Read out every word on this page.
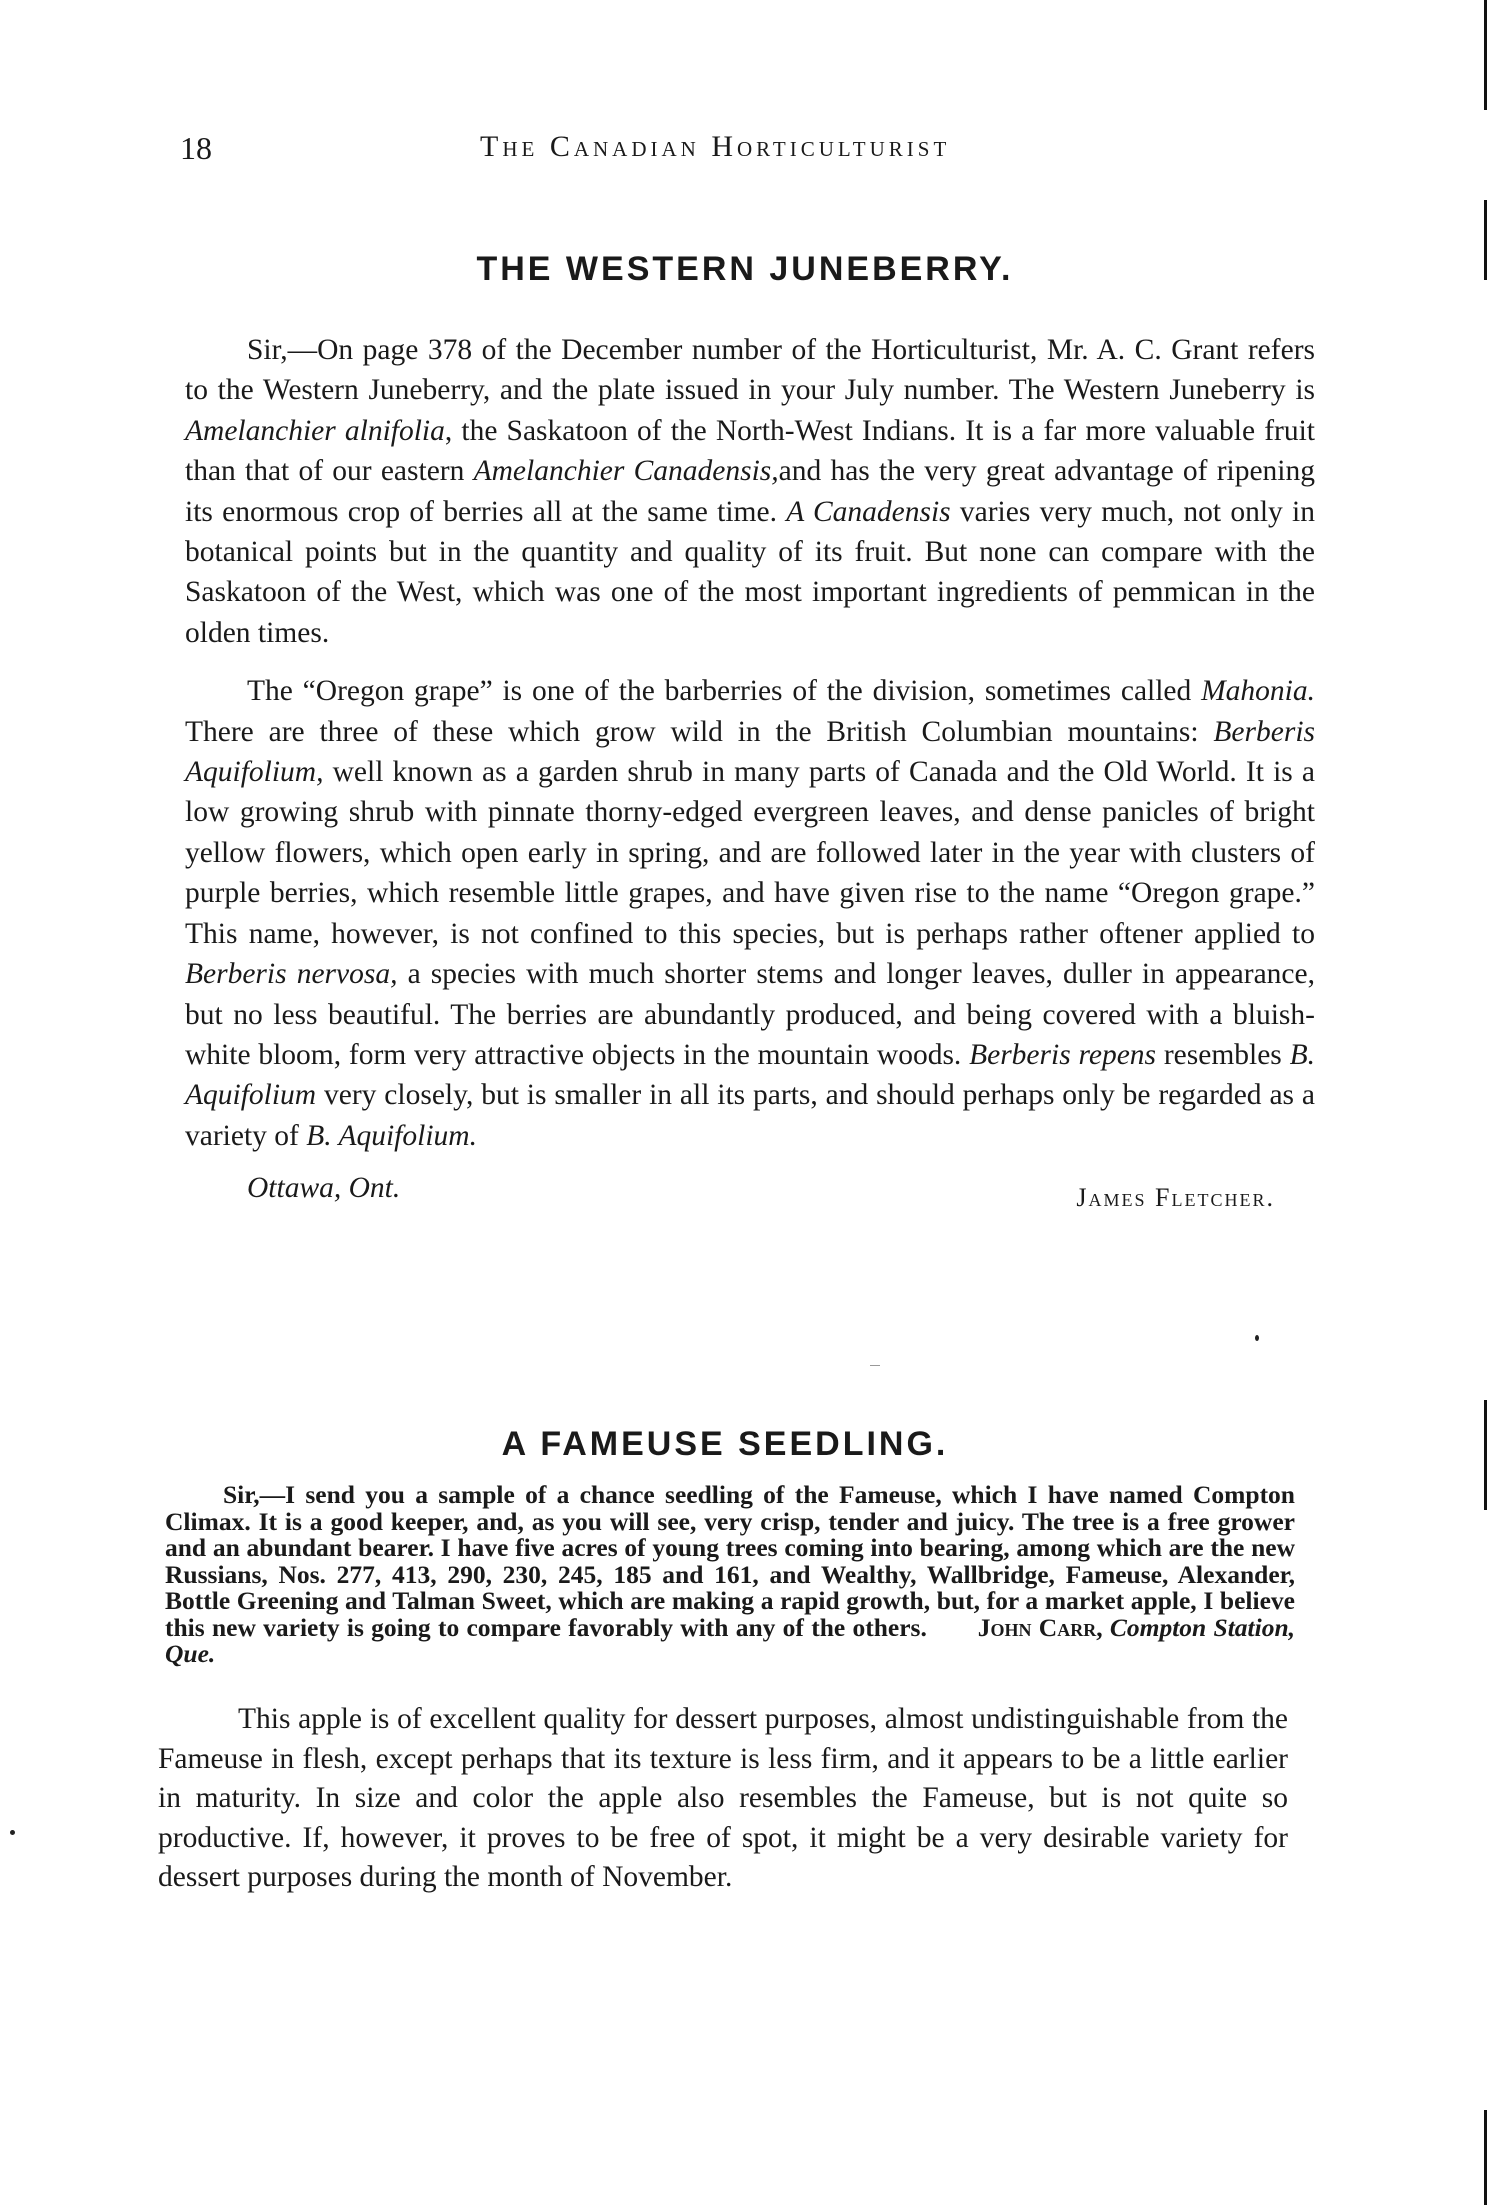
18	The Canadian Horticulturist
THE WESTERN JUNEBERRY.

Sir,—On page 378 of the December number of the Horticulturist, Mr. A. C. Grant refers to the Western Juneberry, and the plate issued in your July number. The Western Juneberry is Amelanchier alnifolia, the Saskatoon of the North-West Indians. It is a far more valuable fruit than that of our eastern Amelanchier Canadensis,and has the very great advantage of ripening its enormous crop of berries all at the same time. A Canadensis varies very much, not only in botanical points but in the quantity and quality of its fruit. But none can compare with the Saskatoon of the West, which was one of the most important ingredients of pemmican in the olden times.

The “Oregon grape” is one of the barberries of the division, sometimes called Mahonia. There are three of these which grow wild in the British Columbian mountains: Berberis Aquifolium, well known as a garden shrub in many parts of Canada and the Old World. It is a low growing shrub with pinnate thorny-edged evergreen leaves, and dense panicles of bright yellow flowers, which open early in spring, and are followed later in the year with clusters of purple berries, which resemble little grapes, and have given rise to the name “Oregon grape.” This name, however, is not confined to this species, but is perhaps rather oftener applied to Berberis nervosa, a species with much shorter stems and longer leaves, duller in appearance, but no less beautiful. The berries are abundantly produced, and being covered with a bluish-white bloom, form very attractive objects in the mountain woods. Berberis repens resembles B. Aquifolium very closely, but is smaller in all its parts, and should perhaps only be regarded as a variety of B. Aquifolium.

Ottawa, Ont.	James Fletcher.
A FAMEUSE SEEDLING.

Sir,—I send you a sample of a chance seedling of the Fameuse, which I have named Compton Climax. It is a good keeper, and, as you will see, very crisp, tender and juicy. The tree is a free grower and an abundant bearer. I have five acres of young trees coming into bearing, among which are the new Russians, Nos. 277, 413, 290, 230, 245, 185 and 161, and Wealthy, Wallbridge, Fameuse, Alexander, Bottle Greening and Talman Sweet, which are making a rapid growth, but, for a market apple, I believe this new variety is going to compare favorably with any of the others. John Carr, Compton Station, Que.

This apple is of excellent quality for dessert purposes, almost undistinguishable from the Fameuse in flesh, except perhaps that its texture is less firm, and it appears to be a little earlier in maturity. In size and color the apple also resembles the Fameuse, but is not quite so productive. If, however, it proves to be free of spot, it might be a very desirable variety for dessert purposes during the month of November.
